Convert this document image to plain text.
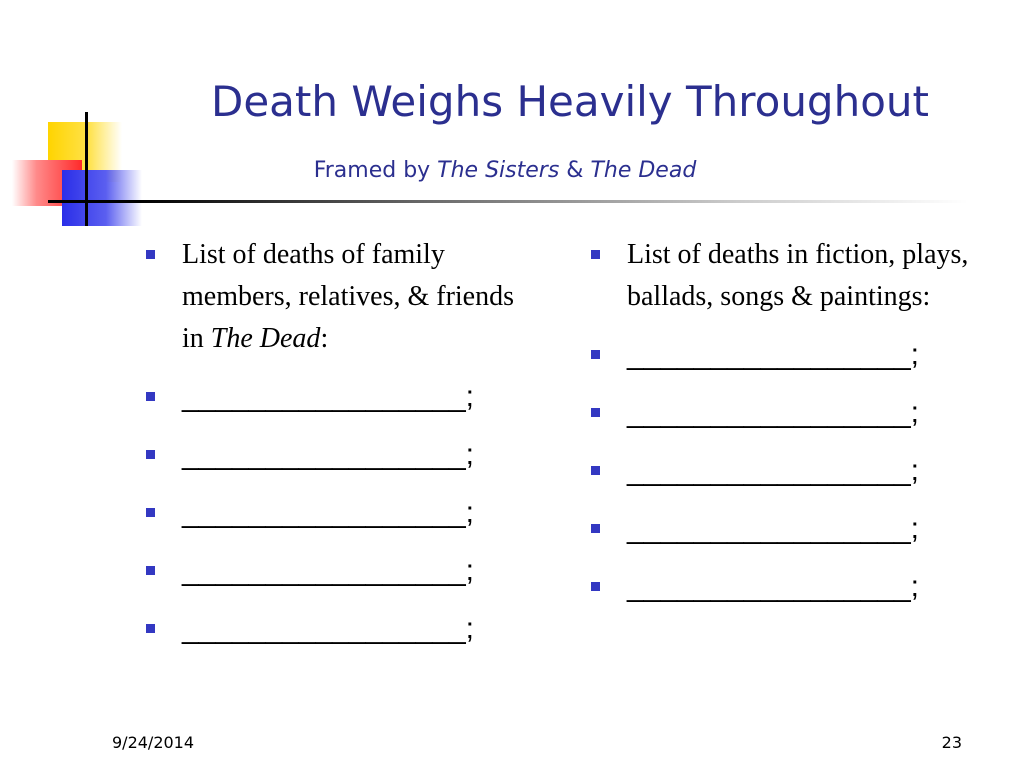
Death Weighs Heavily Throughout
Framed by The Sisters & The Dead
List of deaths of family members, relatives, & friends in The Dead:
_________________;
_________________;
_________________;
_________________;
_________________;
List of deaths in fiction, plays, ballads, songs & paintings:
_________________;
_________________;
_________________;
_________________;
_________________;
9/24/2014	23
